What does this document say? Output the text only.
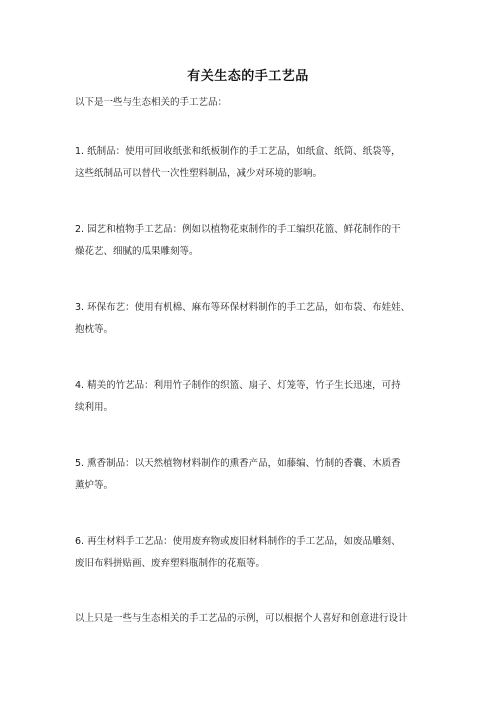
有关生态的手工艺品
以下是一些与生态相关的手工艺品：
1. 纸制品：使用可回收纸张和纸板制作的手工艺品，如纸盒、纸筒、纸袋等，
这些纸制品可以替代一次性塑料制品，减少对环境的影响。
2. 园艺和植物手工艺品：例如以植物花束制作的手工编织花篮、鲜花制作的干
燥花艺、细腻的瓜果雕刻等。
3. 环保布艺：使用有机棉、麻布等环保材料制作的手工艺品，如布袋、布娃娃、
抱枕等。
4. 精美的竹艺品：利用竹子制作的织篮、扇子、灯笼等，竹子生长迅速，可持
续利用。
5. 熏香制品：以天然植物材料制作的熏香产品，如藤编、竹制的香囊、木质香
薰炉等。
6. 再生材料手工艺品：使用废弃物或废旧材料制作的手工艺品，如废品雕刻、
废旧布料拼贴画、废弃塑料瓶制作的花瓶等。
以上只是一些与生态相关的手工艺品的示例，可以根据个人喜好和创意进行设计
